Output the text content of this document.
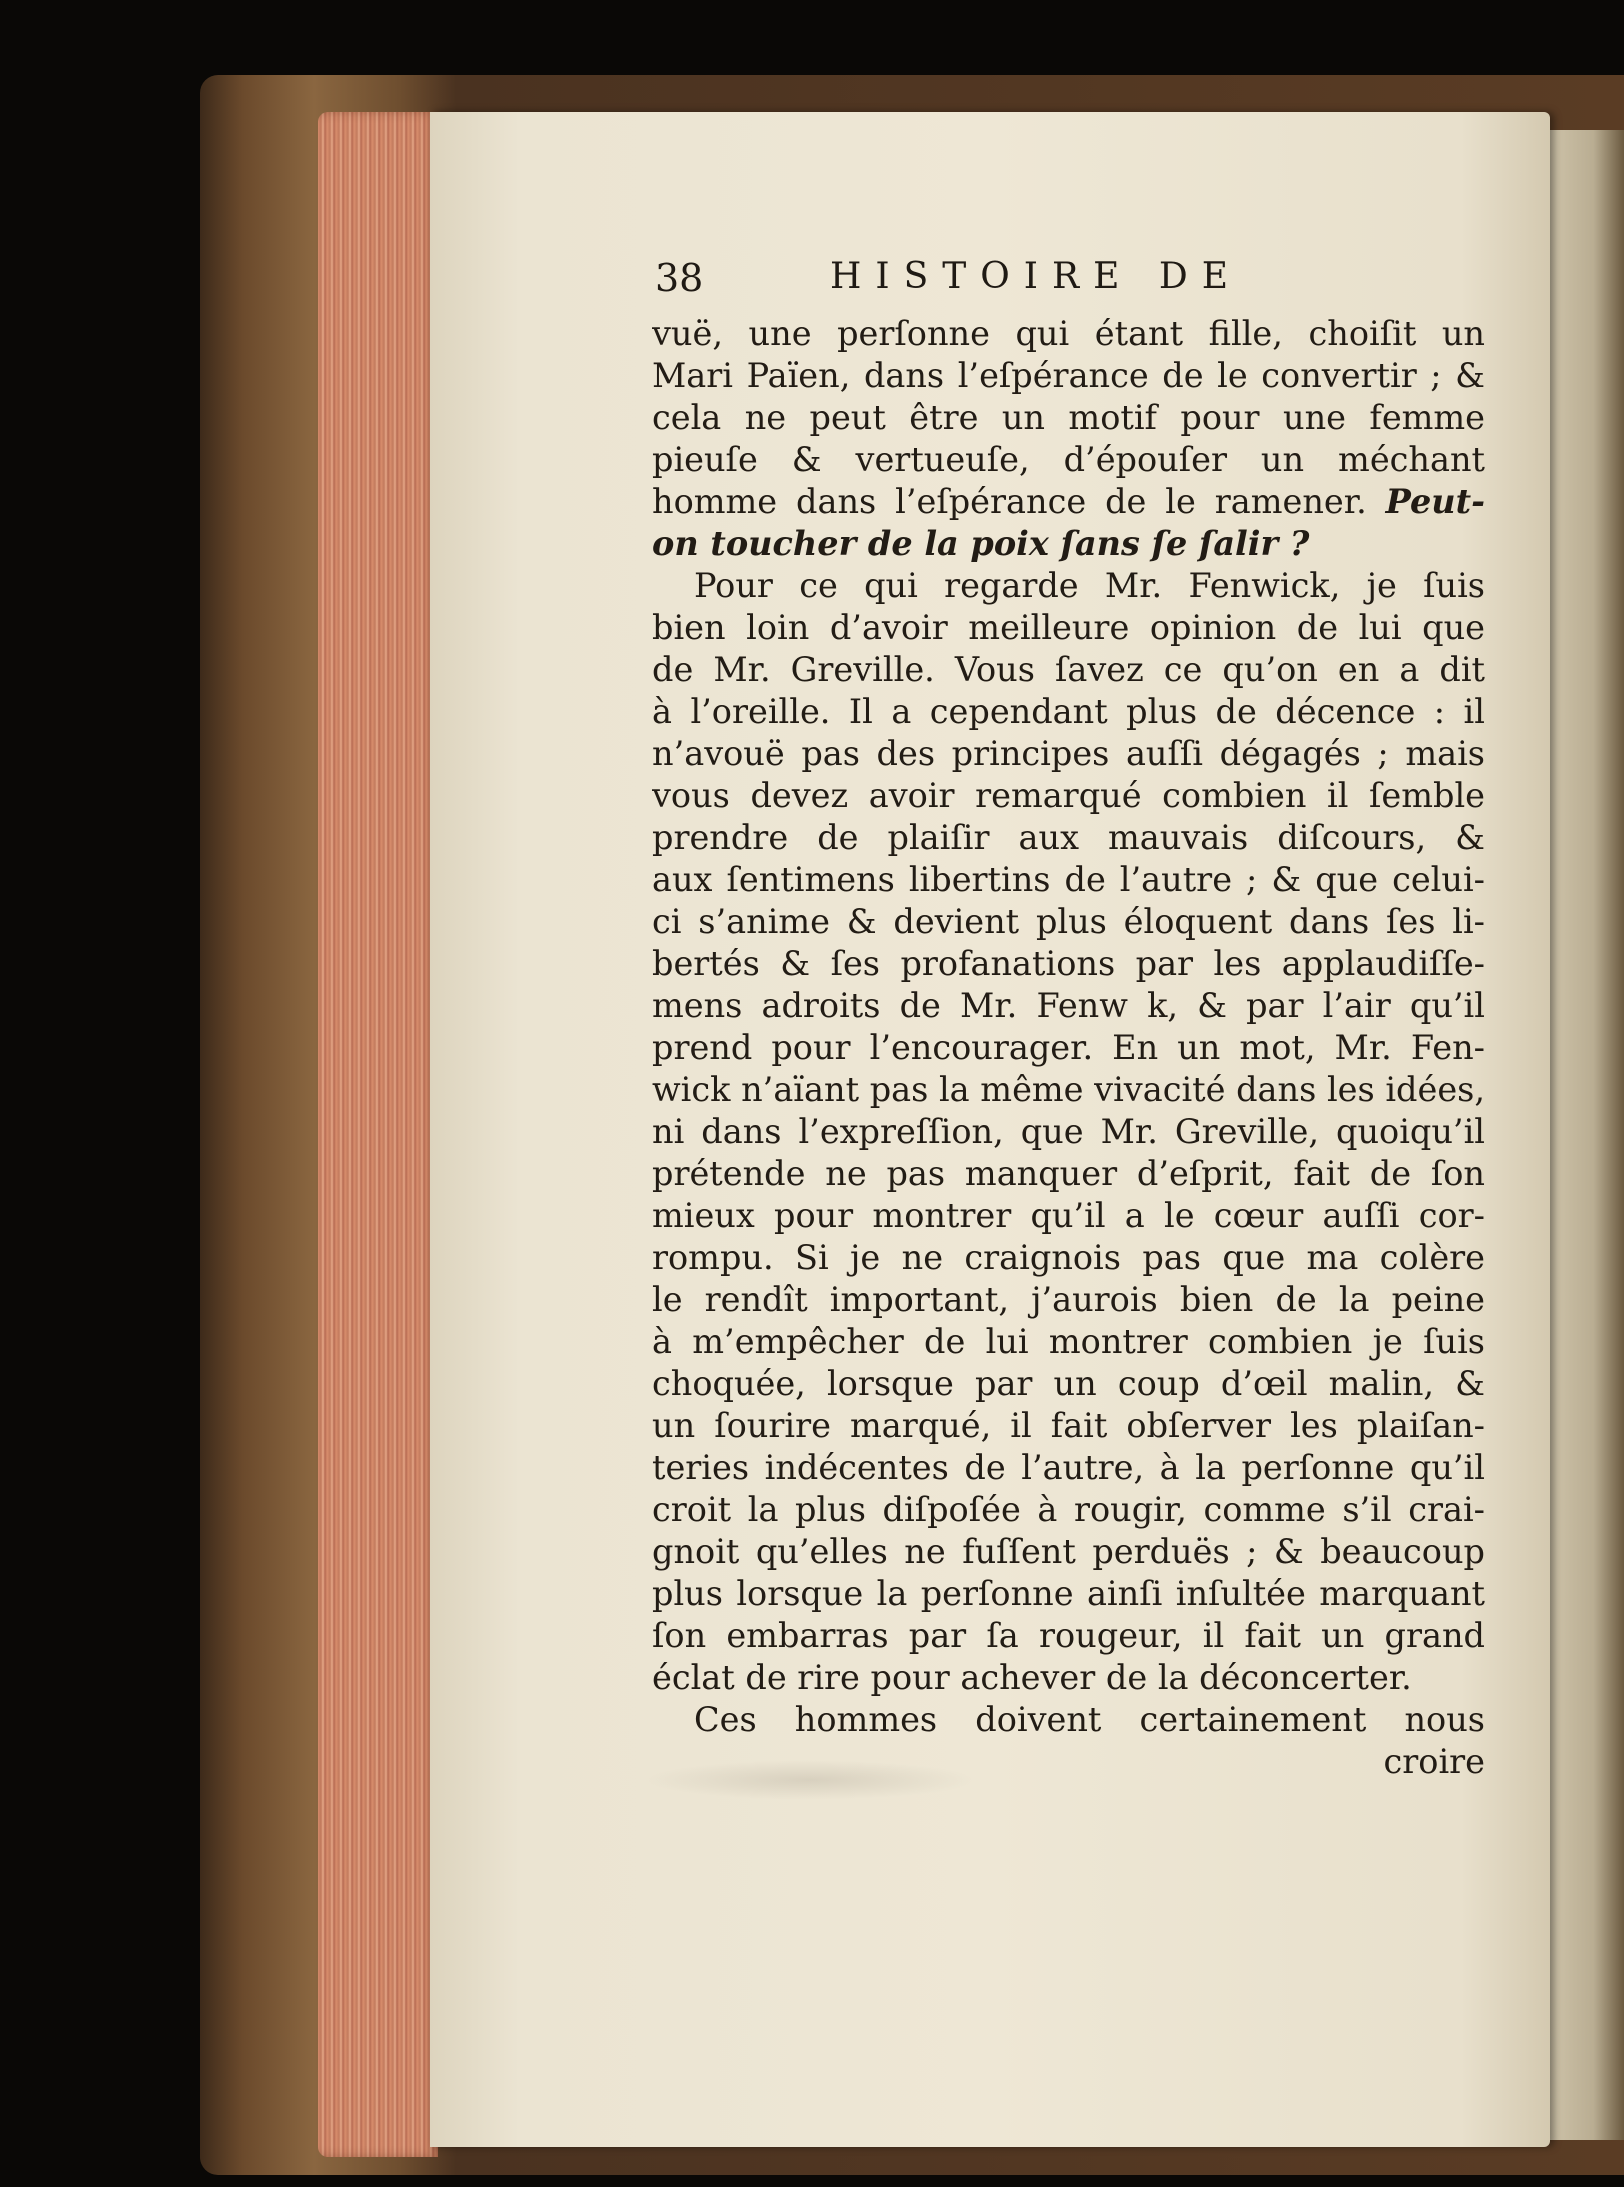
38	HISTOIRE DE
vuë, une perſonne qui étant fille, choiſit un
Mari Païen, dans l’eſpérance de le convertir ; &
cela ne peut être un motif pour une femme
pieuſe & vertueuſe, d’épouſer un méchant
homme dans l’eſpérance de le ramener. Peut-
on toucher de la poix ſans ſe ſalir ?
Pour ce qui regarde Mr. Fenwick, je ſuis
bien loin d’avoir meilleure opinion de lui que
de Mr. Greville. Vous ſavez ce qu’on en a dit
à l’oreille. Il a cependant plus de décence : il
n’avouë pas des principes auſſi dégagés ; mais
vous devez avoir remarqué combien il ſemble
prendre de plaiſir aux mauvais diſcours, &
aux ſentimens libertins de l’autre ; & que celui-
ci s’anime & devient plus éloquent dans ſes li-
bertés & ſes profanations par les applaudiſſe-
mens adroits de Mr. Fenw k, & par l’air qu’il
prend pour l’encourager. En un mot, Mr. Fen-
wick n’aïant pas la même vivacité dans les idées,
ni dans l’expreſſion, que Mr. Greville, quoiqu’il
prétende ne pas manquer d’eſprit, fait de ſon
mieux pour montrer qu’il a le cœur auſſi cor-
rompu. Si je ne craignois pas que ma colère
le rendît important, j’aurois bien de la peine
à m’empêcher de lui montrer combien je ſuis
choquée, lorsque par un coup d’œil malin, &
un ſourire marqué, il fait obſerver les plaiſan-
teries indécentes de l’autre, à la perſonne qu’il
croit la plus diſpoſée à rougir, comme s’il crai-
gnoit qu’elles ne fuſſent perduës ; & beaucoup
plus lorsque la perſonne ainſi inſultée marquant
ſon embarras par ſa rougeur, il fait un grand
éclat de rire pour achever de la déconcerter.
Ces hommes doivent certainement nous
croire
